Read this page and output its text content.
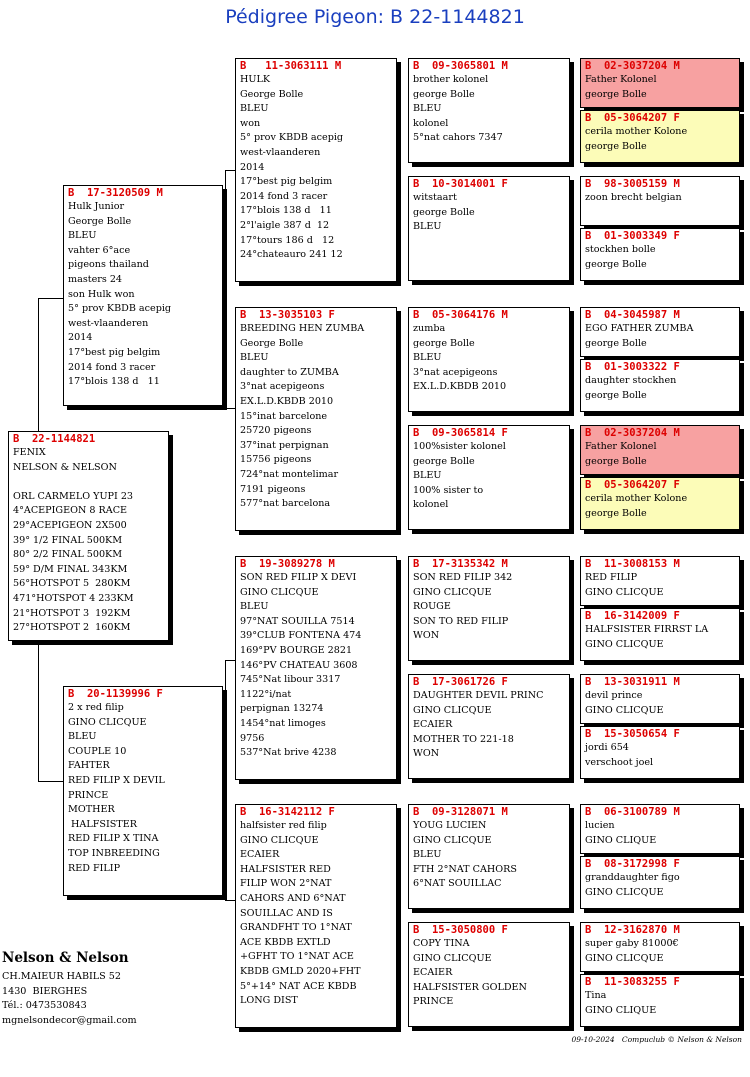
Pédigree Pigeon: B 22-1144821
B  22-1144821
FENIX
NELSON & NELSON

ORL CARMELO YUPI 23
4°ACEPIGEON 8 RACE
29°ACEPIGEON 2X500
39° 1/2 FINAL 500KM
80° 2/2 FINAL 500KM
59° D/M FINAL 343KM
56°HOTSPOT 5  280KM
471°HOTSPOT 4 233KM
21°HOTSPOT 3  192KM
27°HOTSPOT 2  160KM
B  17-3120509 M
Hulk Junior
George Bolle
BLEU
vahter 6°ace
pigeons thailand
masters 24
son Hulk won
5° prov KBDB acepig
west-vlaanderen
2014
17°best pig belgim
2014 fond 3 racer
17°blois 138 d   11
B  20-1139996 F
2 x red filip
GINO CLICQUE
BLEU
COUPLE 10
FAHTER
RED FILIP X DEVIL
PRINCE
MOTHER
HALFSISTER
RED FILIP X TINA
TOP INBREEDING
RED FILIP
B   11-3063111 M
HULK
George Bolle
BLEU
won
5° prov KBDB acepig
west-vlaanderen
2014
17°best pig belgim
2014 fond 3 racer
17°blois 138 d   11
2°l'aigle 387 d  12
17°tours 186 d   12
24°chateauro 241 12
B  13-3035103 F
BREEDING HEN ZUMBA
George Bolle
BLEU
daughter to ZUMBA
3°nat acepigeons
EX.L.D.KBDB 2010
15°inat barcelone
25720 pigeons
37°inat perpignan
15756 pigeons
724°nat montelimar
7191 pigeons
577°nat barcelona
B  19-3089278 M
SON RED FILIP X DEVI
GINO CLICQUE
BLEU
97°NAT SOUILLA 7514
39°CLUB FONTENA 474
169°PV BOURGE 2821
146°PV CHATEAU 3608
745°Nat libour 3317
1122°i/nat
perpignan 13274
1454°nat limoges
9756
537°Nat brive 4238
B  16-3142112 F
halfsister red filip
GINO CLICQUE
ECAIER
HALFSISTER RED
FILIP WON 2°NAT
CAHORS AND 6°NAT
SOUILLAC AND IS
GRANDFHT TO 1°NAT
ACE KBDB EXTLD
+GFHT TO 1°NAT ACE
KBDB GMLD 2020+FHT
5°+14° NAT ACE KBDB
LONG DIST
B  09-3065801 M
brother kolonel
george Bolle
BLEU
kolonel
5°nat cahors 7347
B  10-3014001 F
witstaart
george Bolle
BLEU
B  05-3064176 M
zumba
george Bolle
BLEU
3°nat acepigeons
EX.L.D.KBDB 2010
B  09-3065814 F
100%sister kolonel
george Bolle
BLEU
100% sister to
kolonel
B  17-3135342 M
SON RED FILIP 342
GINO CLICQUE
ROUGE
SON TO RED FILIP
WON
B  17-3061726 F
DAUGHTER DEVIL PRINC
GINO CLICQUE
ECAIER
MOTHER TO 221-18
WON
B  09-3128071 M
YOUG LUCIEN
GINO CLICQUE
BLEU
FTH 2°NAT CAHORS
6°NAT SOUILLAC
B  15-3050800 F
COPY TINA
GINO CLICQUE
ECAIER
HALFSISTER GOLDEN
PRINCE
B  02-3037204 M
Father Kolonel
george Bolle
B  05-3064207 F
cerila mother Kolone
george Bolle
B  98-3005159 M
zoon brecht belgian
B  01-3003349 F
stockhen bolle
george Bolle
B  04-3045987 M
EGO FATHER ZUMBA
george Bolle
B  01-3003322 F
daughter stockhen
george Bolle
B  02-3037204 M
Father Kolonel
george Bolle
B  05-3064207 F
cerila mother Kolone
george Bolle
B  11-3008153 M
RED FILIP
GINO CLICQUE
B  16-3142009 F
HALFSISTER FIRRST LA
GINO CLICQUE
B  13-3031911 M
devil prince
GINO CLICQUE
B  15-3050654 F
jordi 654
verschoot joel
B  06-3100789 M
lucien
GINO CLIQUE
B  08-3172998 F
granddaughter figo
GINO CLICQUE
B  12-3162870 M
super gaby 81000€
GINO CLICQUE
B  11-3083255 F
Tina
GINO CLIQUE
Nelson & Nelson
CH.MAIEUR HABILS 52
1430  BIERGHES
Tél.: 0473530843
mgnelsondecor@gmail.com
09-10-2024 Compuclub © Nelson & Nelson
